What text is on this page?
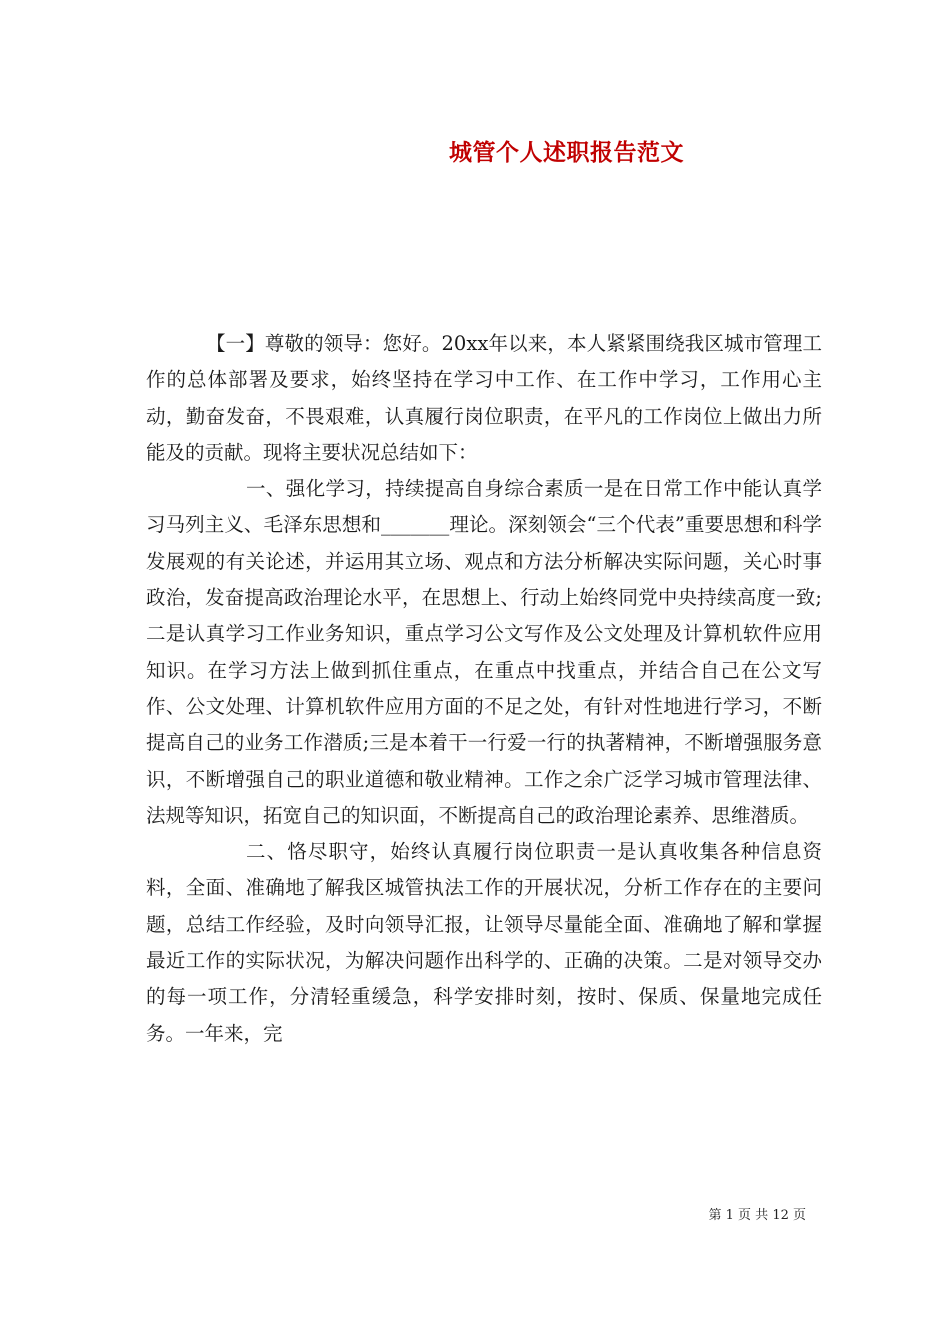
城管个人述职报告范文

【一】尊敬的领导：您好。20xx年以来，本人紧紧围绕我区城市管理工作的总体部署及要求，始终坚持在学习中工作、在工作中学习，工作用心主动，勤奋发奋，不畏艰难，认真履行岗位职责，在平凡的工作岗位上做出力所能及的贡献。现将主要状况总结如下：

一、强化学习，持续提高自身综合素质一是在日常工作中能认真学习马列主义、毛泽东思想和_______理论。深刻领会“三个代表”重要思想和科学发展观的有关论述，并运用其立场、观点和方法分析解决实际问题，关心时事政治，发奋提高政治理论水平，在思想上、行动上始终同党中央持续高度一致;二是认真学习工作业务知识，重点学习公文写作及公文处理及计算机软件应用知识。在学习方法上做到抓住重点，在重点中找重点，并结合自己在公文写作、公文处理、计算机软件应用方面的不足之处，有针对性地进行学习，不断提高自己的业务工作潜质;三是本着干一行爱一行的执著精神，不断增强服务意识，不断增强自己的职业道德和敬业精神。工作之余广泛学习城市管理法律、法规等知识，拓宽自己的知识面，不断提高自己的政治理论素养、思维潜质。

二、恪尽职守，始终认真履行岗位职责一是认真收集各种信息资料，全面、准确地了解我区城管执法工作的开展状况，分析工作存在的主要问题，总结工作经验，及时向领导汇报，让领导尽量能全面、准确地了解和掌握最近工作的实际状况，为解决问题作出科学的、正确的决策。二是对领导交办的每一项工作，分清轻重缓急，科学安排时刻，按时、保质、保量地完成任务。一年来，完

第 1 页 共 12 页
